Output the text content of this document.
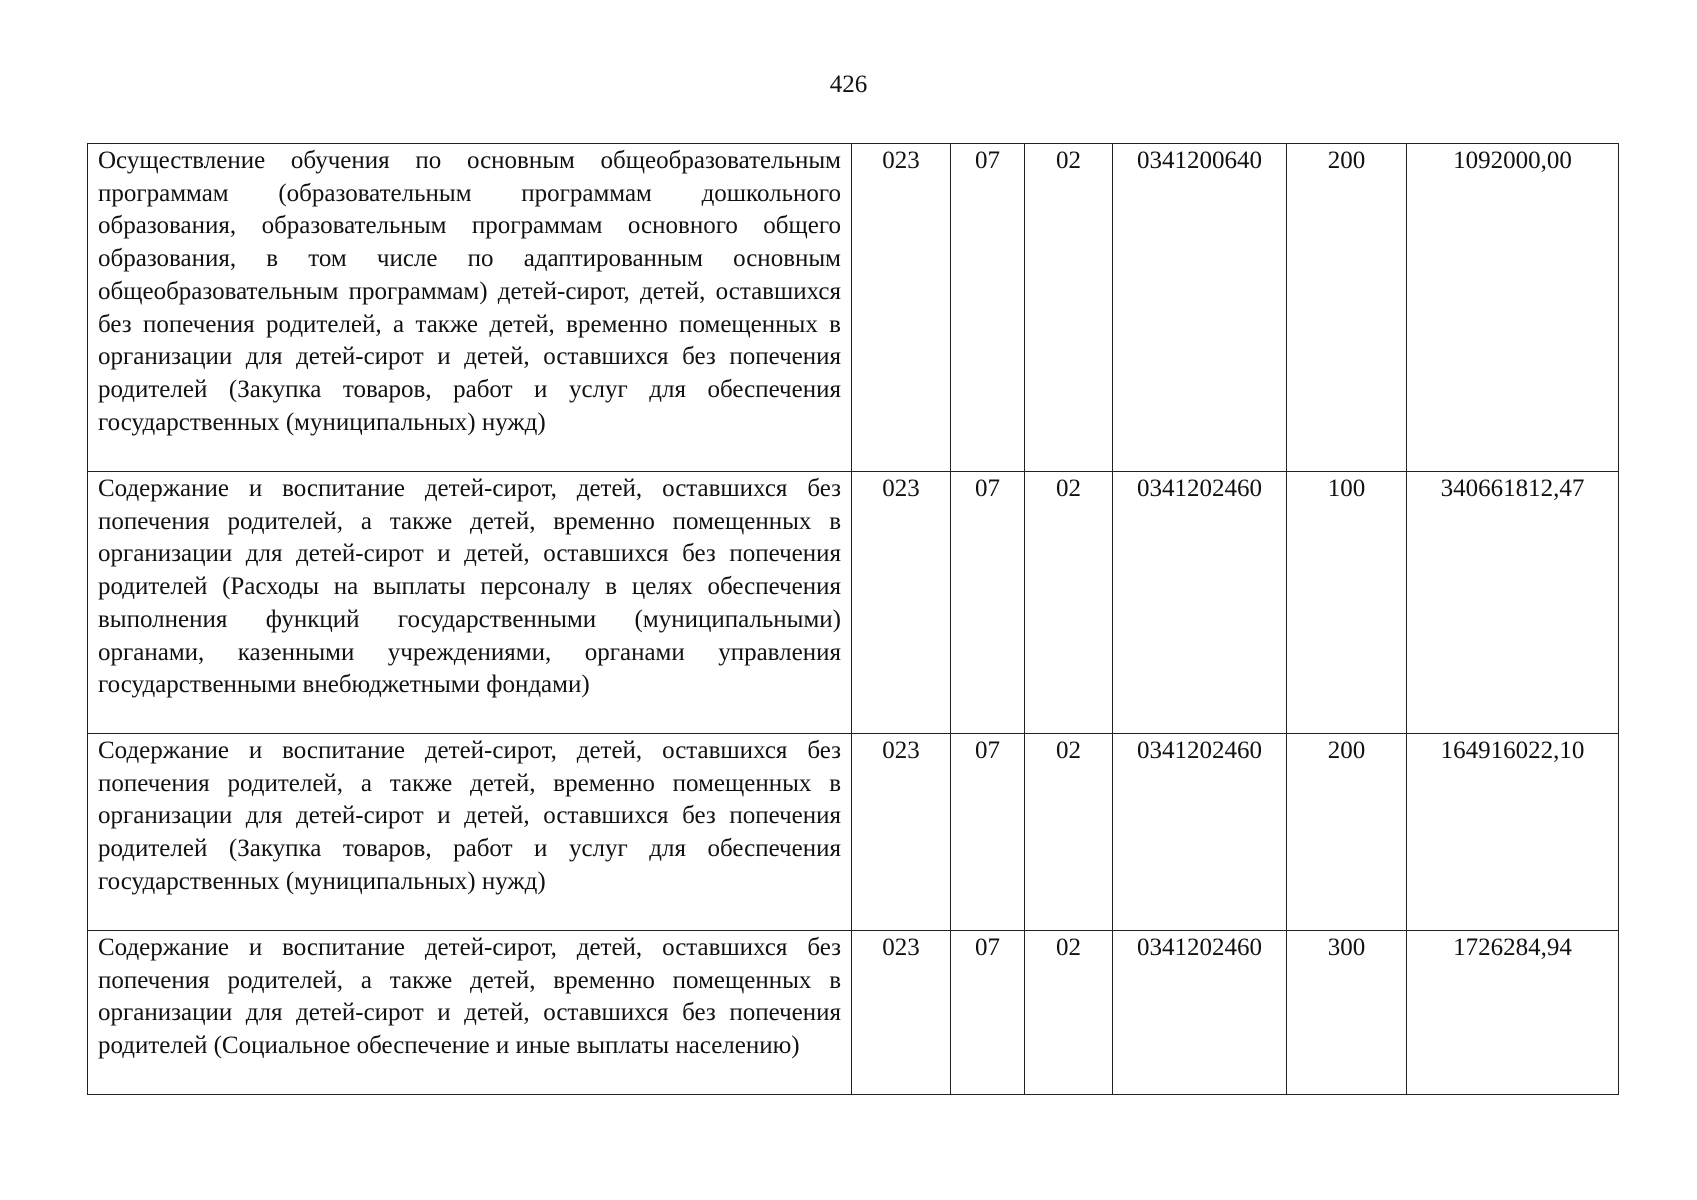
426
Осуществление обучения по основным общеобразовательным программам (образовательным программам дошкольного образования, образовательным программам основного общего образования, в том числе по адаптированным основным общеобразовательным программам) детей-сирот, детей, оставшихся без попечения родителей, а также детей, временно помещенных в организации для детей-сирот и детей, оставшихся без попечения родителей (Закупка товаров, работ и услуг для обеспечения государственных (муниципальных) нужд)	023	07	02	0341200640	200	1092000,00
Содержание и воспитание детей-сирот, детей, оставшихся без попечения родителей, а также детей, временно помещенных в организации для детей-сирот и детей, оставшихся без попечения родителей (Расходы на выплаты персоналу в целях обеспечения выполнения функций государственными (муниципальными) органами, казенными учреждениями, органами управления государственными внебюджетными фондами)	023	07	02	0341202460	100	340661812,47
Содержание и воспитание детей-сирот, детей, оставшихся без попечения родителей, а также детей, временно помещенных в организации для детей-сирот и детей, оставшихся без попечения родителей (Закупка товаров, работ и услуг для обеспечения государственных (муниципальных) нужд)	023	07	02	0341202460	200	164916022,10
Содержание и воспитание детей-сирот, детей, оставшихся без попечения родителей, а также детей, временно помещенных в организации для детей-сирот и детей, оставшихся без попечения родителей (Социальное обеспечение и иные выплаты населению)	023	07	02	0341202460	300	1726284,94
